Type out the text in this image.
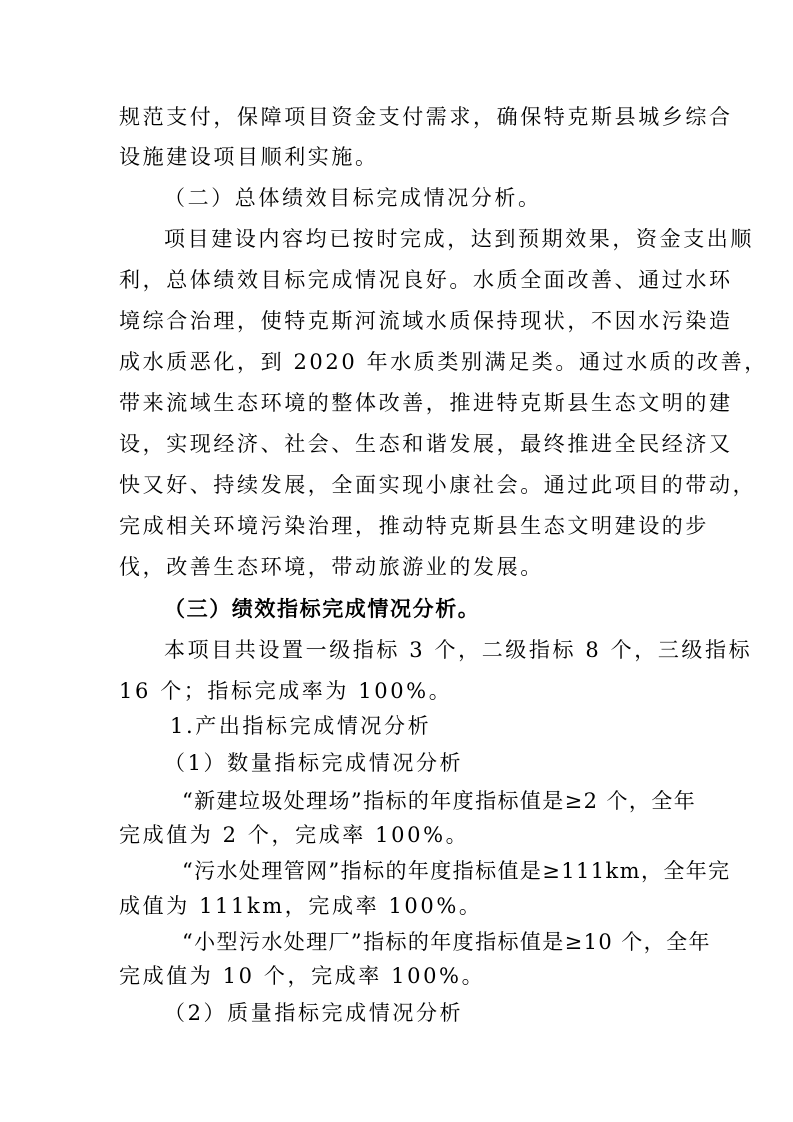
规范支付，保障项目资金支付需求，确保特克斯县城乡综合
设施建设项目顺利实施。
（二）总体绩效目标完成情况分析。
项目建设内容均已按时完成，达到预期效果，资金支出顺
利，总体绩效目标完成情况良好。水质全面改善、通过水环
境综合治理，使特克斯河流域水质保持现状，不因水污染造
成水质恶化，到 2020 年水质类别满足类。通过水质的改善，
带来流域生态环境的整体改善，推进特克斯县生态文明的建
设，实现经济、社会、生态和谐发展，最终推进全民经济又
快又好、持续发展，全面实现小康社会。通过此项目的带动，
完成相关环境污染治理，推动特克斯县生态文明建设的步
伐，改善生态环境，带动旅游业的发展。
（三）绩效指标完成情况分析。
本项目共设置一级指标 3 个，二级指标 8 个，三级指标
16 个；指标完成率为 100%。
1.产出指标完成情况分析
（1）数量指标完成情况分析
“新建垃圾处理场”指标的年度指标值是≥2 个，全年
完成值为 2 个，完成率 100%。
“污水处理管网”指标的年度指标值是≥111km，全年完
成值为 111km，完成率 100%。
“小型污水处理厂”指标的年度指标值是≥10 个，全年
完成值为 10 个，完成率 100%。
（2）质量指标完成情况分析
